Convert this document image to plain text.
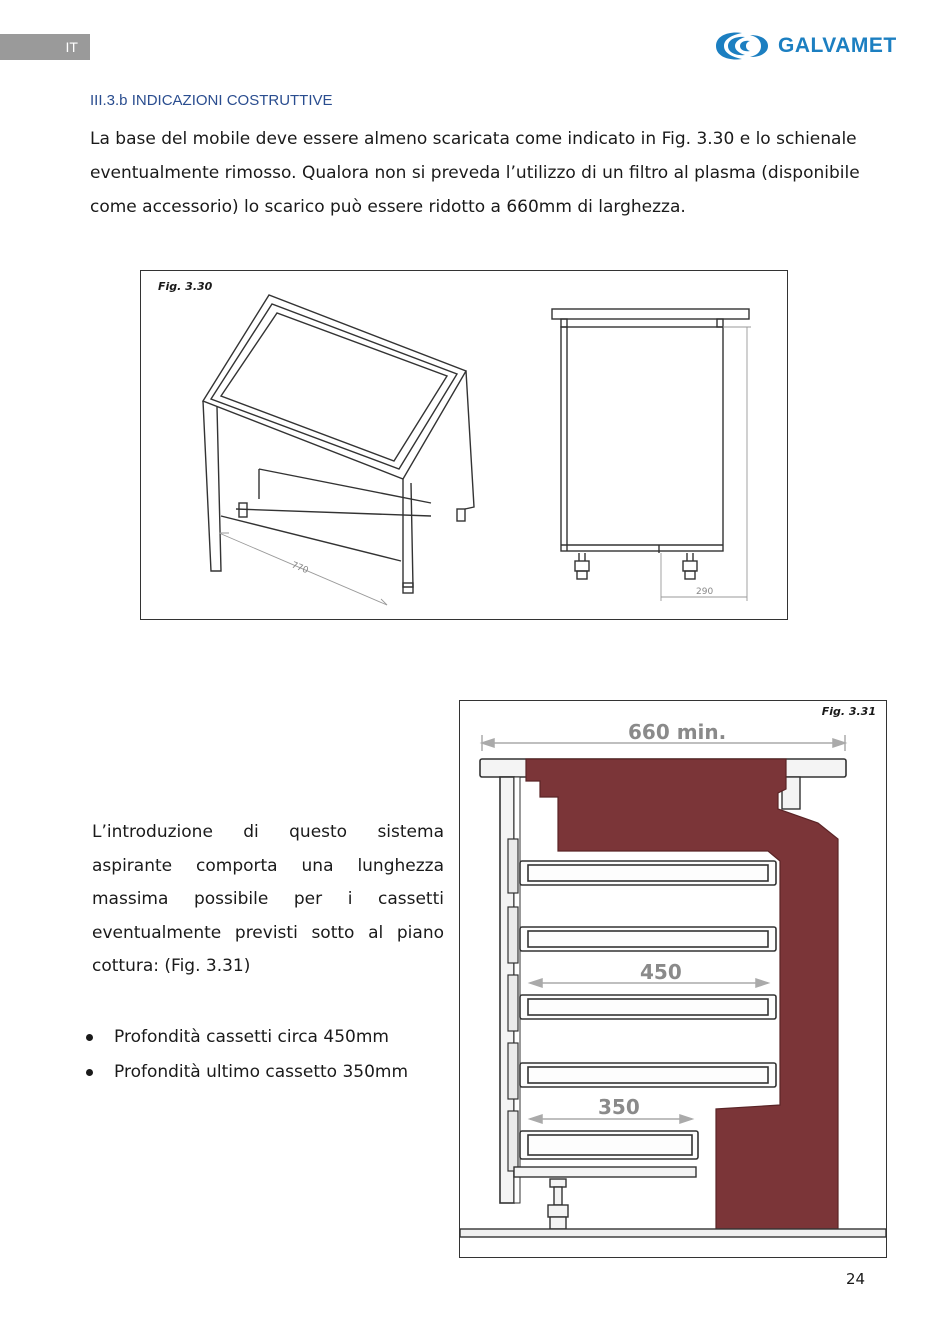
IT	GALVAMET
III.3.b INDICAZIONI COSTRUTTIVE

La base del mobile deve essere almeno scaricata come indicato in Fig. 3.30 e lo schienale eventualmente rimosso. Qualora non si preveda l’utilizzo di un filtro al plasma (disponibile come accessorio) lo scarico può essere ridotto a 660mm di larghezza.

Fig. 3.30
770
290
Fig. 3.31
660 min.
450
350

L’introduzione di questo sistema aspirante comporta una lunghezza massima possibile per i cassetti eventualmente previsti sotto al piano cottura: (Fig. 3.31)

Profondità cassetti circa 450mm
Profondità ultimo cassetto 350mm
24
